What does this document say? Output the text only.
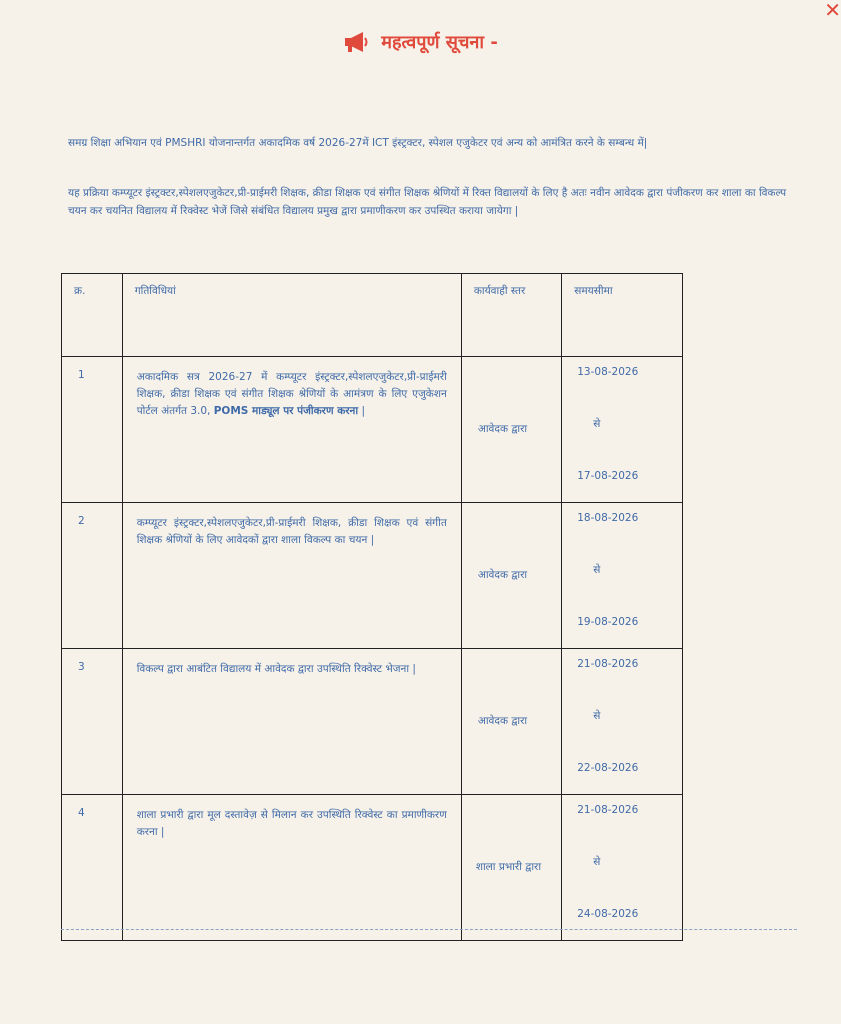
✕
महत्वपूर्ण सूचना -
समग्र शिक्षा अभियान एवं PMSHRI योजनान्तर्गत अकादमिक वर्ष 2026-27में ICT इंस्ट्रक्टर, स्पेशल एजुकेटर एवं अन्य को आमंत्रित करने के सम्बन्ध में|
यह प्रक्रिया कम्प्यूटर इंस्ट्रक्टर,स्पेशलएजुकेटर,प्री-प्राईमरी शिक्षक, क्रीडा शिक्षक एवं संगीत शिक्षक श्रेणियों में रिक्त विद्यालयों के लिए है अतः नवीन आवेदक द्वारा पंजीकरण कर शाला का विकल्प चयन कर चयनित विद्यालय में रिक्वेस्ट भेजें जिसे संबंधित विद्यालय प्रमुख द्वारा प्रमाणीकरण कर उपस्थित कराया जायेगा |
क्र.	गतिविधियां	कार्यवाही स्तर	समयसीमा

1	अकादमिक सत्र 2026-27 में कम्प्यूटर इंस्ट्रक्टर,स्पेशलएजुकेटर,प्री-प्राईमरी शिक्षक, क्रीडा शिक्षक एवं संगीत शिक्षक श्रेणियों के आमंत्रण के लिए एजुकेशन पोर्टल अंतर्गत 3.0, POMS माड्यूल पर पंजीकरण करना |	आवेदक द्वारा	13-08-2026
से
17-08-2026

2	कम्प्यूटर इंस्ट्रक्टर,स्पेशलएजुकेटर,प्री-प्राईमरी शिक्षक, क्रीडा शिक्षक एवं संगीत शिक्षक श्रेणियों के लिए आवेदकों द्वारा शाला विकल्प का चयन |	आवेदक द्वारा	18-08-2026
से
19-08-2026

3	विकल्प द्वारा आबंटित विद्यालय में आवेदक द्वारा उपस्थिति रिक्वेस्ट भेजना |	आवेदक द्वारा	21-08-2026
से
22-08-2026

4	शाला प्रभारी द्वारा मूल दस्तावेज़ से मिलान कर उपस्थिति रिक्वेस्ट का प्रमाणीकरण करना |	शाला प्रभारी द्वारा	21-08-2026
से
24-08-2026
